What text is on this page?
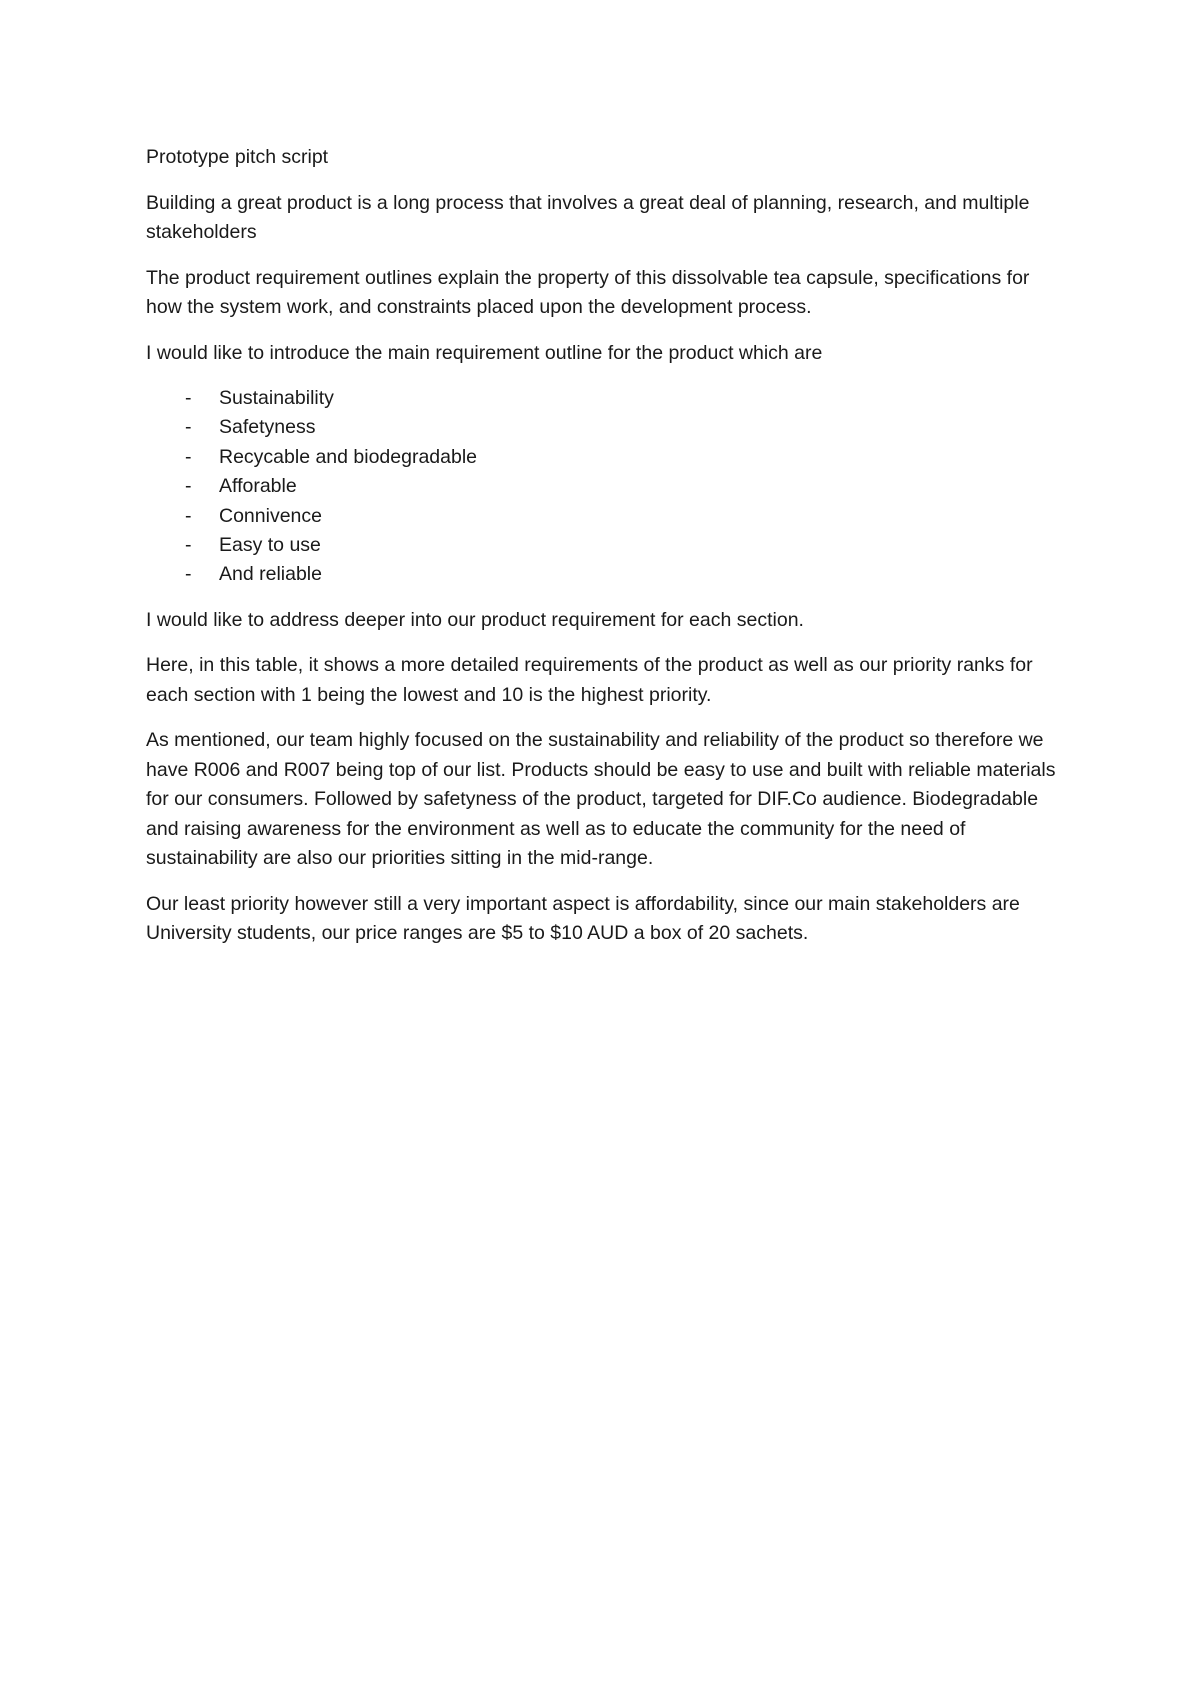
Prototype pitch script

Building a great product is a long process that involves a great deal of planning, research, and multiple stakeholders

The product requirement outlines explain the property of this dissolvable tea capsule, specifications for how the system work, and constraints placed upon the development process.

I would like to introduce the main requirement outline for the product which are

- Sustainability
- Safetyness
- Recycable and biodegradable
- Afforable
- Connivence
- Easy to use
- And reliable

I would like to address deeper into our product requirement for each section.

Here, in this table, it shows a more detailed requirements of the product as well as our priority ranks for each section with 1 being the lowest and 10 is the highest priority.

As mentioned, our team highly focused on the sustainability and reliability of the product so therefore we have R006 and R007 being top of our list. Products should be easy to use and built with reliable materials for our consumers. Followed by safetyness of the product, targeted for DIF.Co audience. Biodegradable and raising awareness for the environment as well as to educate the community for the need of sustainability are also our priorities sitting in the mid-range.

Our least priority however still a very important aspect is affordability, since our main stakeholders are University students, our price ranges are $5 to $10 AUD a box of 20 sachets.
